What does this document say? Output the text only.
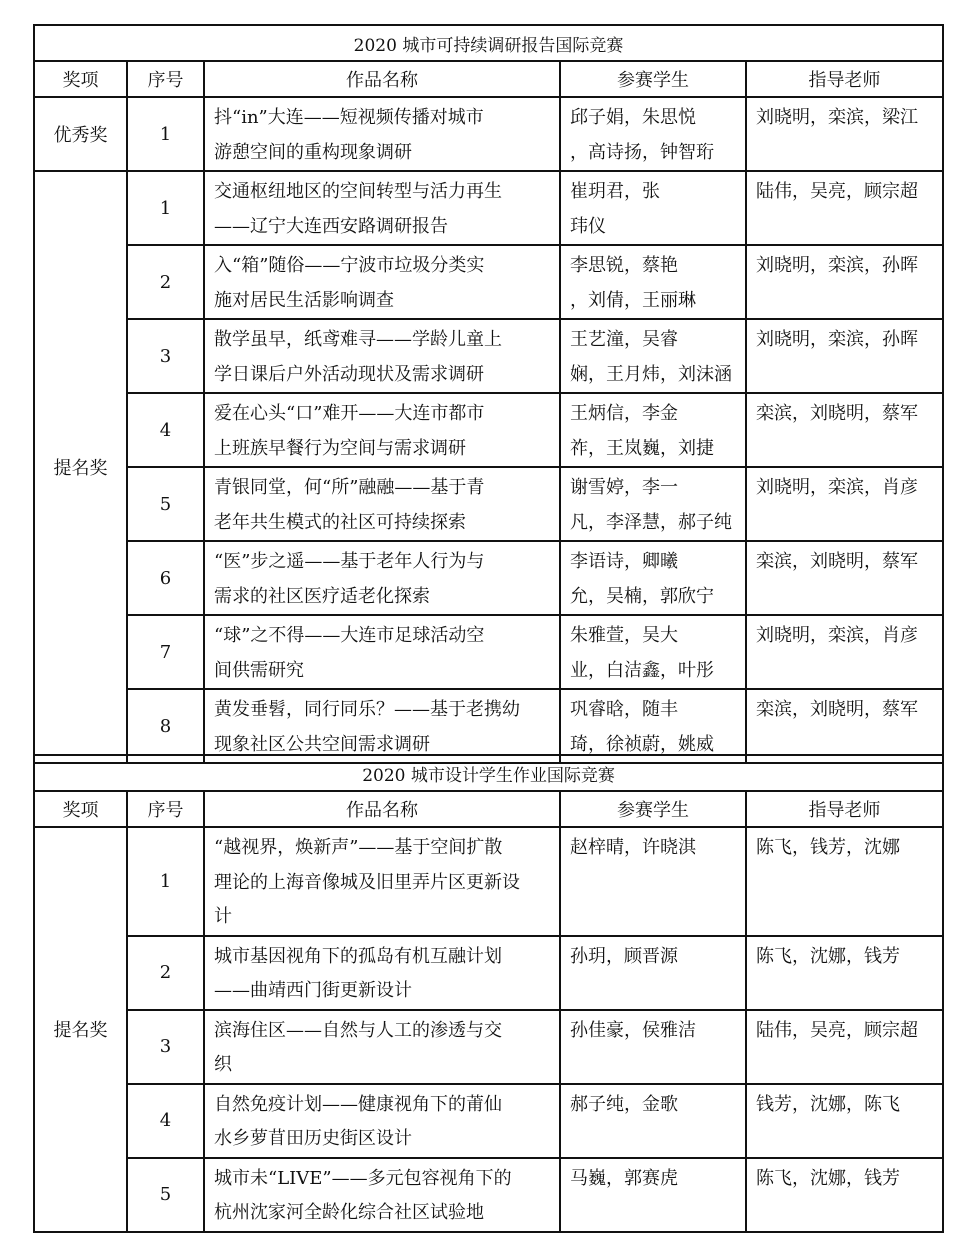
2020 城市可持续调研报告国际竞赛				
奖项	序号	作品名称	参赛学生	指导老师
优秀奖	1	抖“in”大连——短视频传播对城市
游憩空间的重构现象调研	邱子娟，朱思悦
，高诗扬，钟智珩	刘晓明，栾滨，梁江

提名奖	1	交通枢纽地区的空间转型与活力再生
——辽宁大连西安路调研报告	崔玥君，张
玮仪	陆伟，吴亮，顾宗超

	2	入“箱”随俗——宁波市垃圾分类实
施对居民生活影响调查	李思锐，蔡艳
，刘倩，王丽琳	刘晓明，栾滨，孙晖

	3	散学虽早，纸鸢难寻——学龄儿童上
学日课后户外活动现状及需求调研	王艺潼，吴睿
娴，王月炜，刘沫涵	刘晓明，栾滨，孙晖

	4	爱在心头“口”难开——大连市都市
上班族早餐行为空间与需求调研	王炳信，李金
祚，王岚巍，刘捷	栾滨，刘晓明，蔡军

	5	青银同堂，何“所”融融——基于青
老年共生模式的社区可持续探索	谢雪婷，李一
凡，李泽慧，郝子纯	刘晓明，栾滨，肖彦

	6	“医”步之遥——基于老年人行为与
需求的社区医疗适老化探索	李语诗，卿曦
允，吴楠，郭欣宁	栾滨，刘晓明，蔡军

	7	“球”之不得——大连市足球活动空
间供需研究	朱雅萱，吴大
业，白洁鑫，叶彤	刘晓明，栾滨，肖彦

	8	黄发垂髫，同行同乐？——基于老携幼
现象社区公共空间需求调研	巩睿晗，随丰
琦，徐祯蔚，姚威	栾滨，刘晓明，蔡军
2020 城市设计学生作业国际竞赛				
奖项	序号	作品名称	参赛学生	指导老师
提名奖	1	“越视界，焕新声”——基于空间扩散
理论的上海音像城及旧里弄片区更新设
计	赵梓晴，许晓淇	陈飞，钱芳，沈娜

	2	城市基因视角下的孤岛有机互融计划
——曲靖西门街更新设计	孙玥，顾晋源	陈飞，沈娜，钱芳

	3	滨海住区——自然与人工的渗透与交
织	孙佳豪，侯雅洁	陆伟，吴亮，顾宗超

	4	自然免疫计划——健康视角下的莆仙
水乡萝苜田历史街区设计	郝子纯，金歌	钱芳，沈娜，陈飞

	5	城市未“LIVE”——多元包容视角下的
杭州沈家河全龄化综合社区试验地	马巍，郭赛虎	陈飞，沈娜，钱芳
